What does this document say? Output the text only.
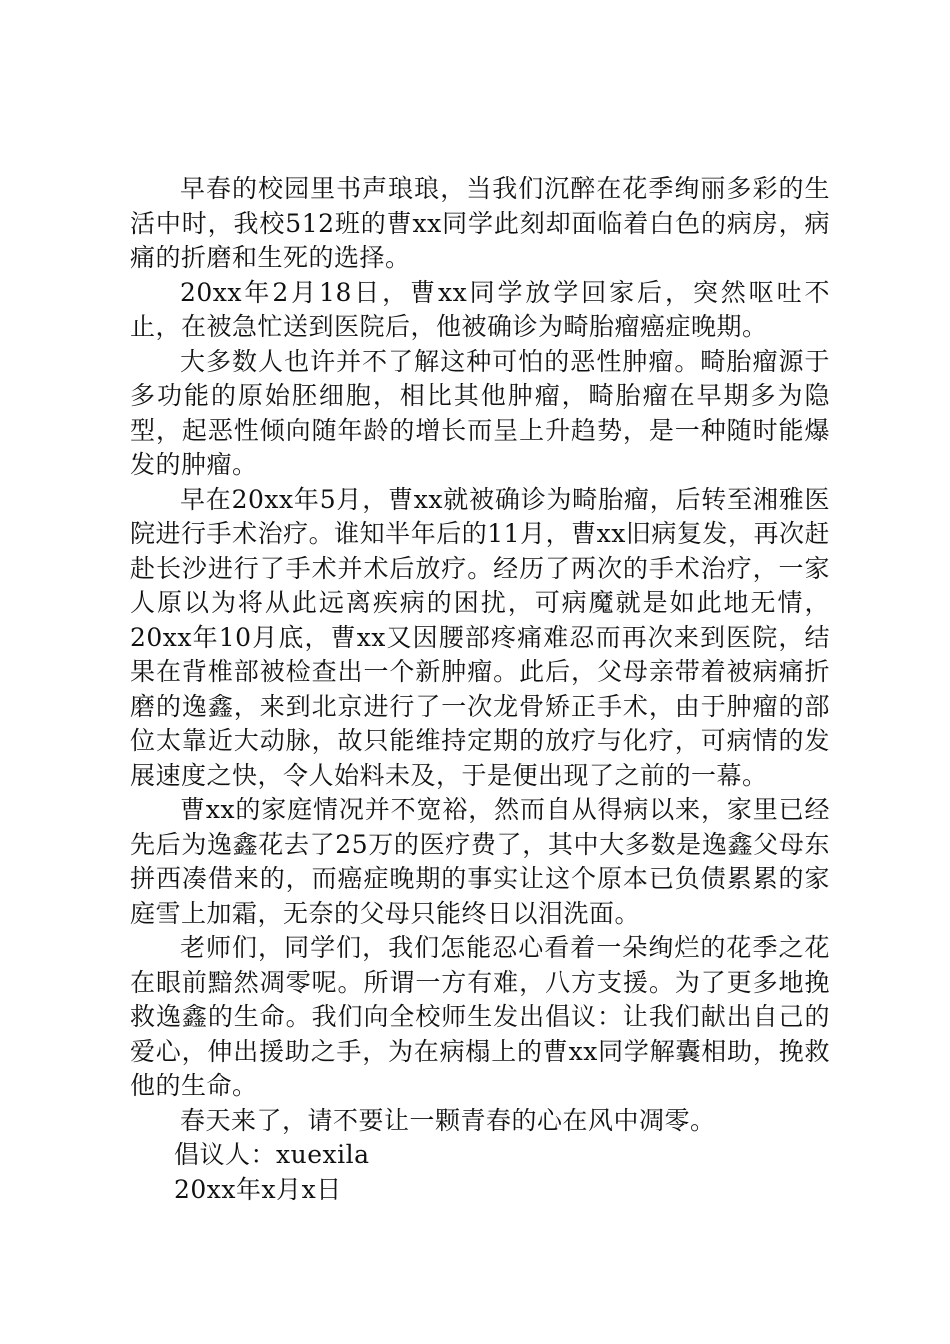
早春的校园里书声琅琅，当我们沉醉在花季绚丽多彩的生活中时，我校512班的曹xx同学此刻却面临着白色的病房，病痛的折磨和生死的选择。

20xx年2月18日，曹xx同学放学回家后，突然呕吐不止，在被急忙送到医院后，他被确诊为畸胎瘤癌症晚期。

大多数人也许并不了解这种可怕的恶性肿瘤。畸胎瘤源于多功能的原始胚细胞，相比其他肿瘤，畸胎瘤在早期多为隐型，起恶性倾向随年龄的增长而呈上升趋势，是一种随时能爆发的肿瘤。

早在20xx年5月，曹xx就被确诊为畸胎瘤，后转至湘雅医院进行手术治疗。谁知半年后的11月，曹xx旧病复发，再次赶赴长沙进行了手术并术后放疗。经历了两次的手术治疗，一家人原以为将从此远离疾病的困扰，可病魔就是如此地无情，20xx年10月底，曹xx又因腰部疼痛难忍而再次来到医院，结果在背椎部被检查出一个新肿瘤。此后，父母亲带着被病痛折磨的逸鑫，来到北京进行了一次龙骨矫正手术，由于肿瘤的部位太靠近大动脉，故只能维持定期的放疗与化疗，可病情的发展速度之快，令人始料未及，于是便出现了之前的一幕。

曹xx的家庭情况并不宽裕，然而自从得病以来，家里已经先后为逸鑫花去了25万的医疗费了，其中大多数是逸鑫父母东拼西凑借来的，而癌症晚期的事实让这个原本已负债累累的家庭雪上加霜，无奈的父母只能终日以泪洗面。

老师们，同学们，我们怎能忍心看着一朵绚烂的花季之花在眼前黯然凋零呢。所谓一方有难，八方支援。为了更多地挽救逸鑫的生命。我们向全校师生发出倡议：让我们献出自己的爱心，伸出援助之手，为在病榻上的曹xx同学解囊相助，挽救他的生命。

春天来了，请不要让一颗青春的心在风中凋零。

倡议人：xuexila

20xx年x月x日
